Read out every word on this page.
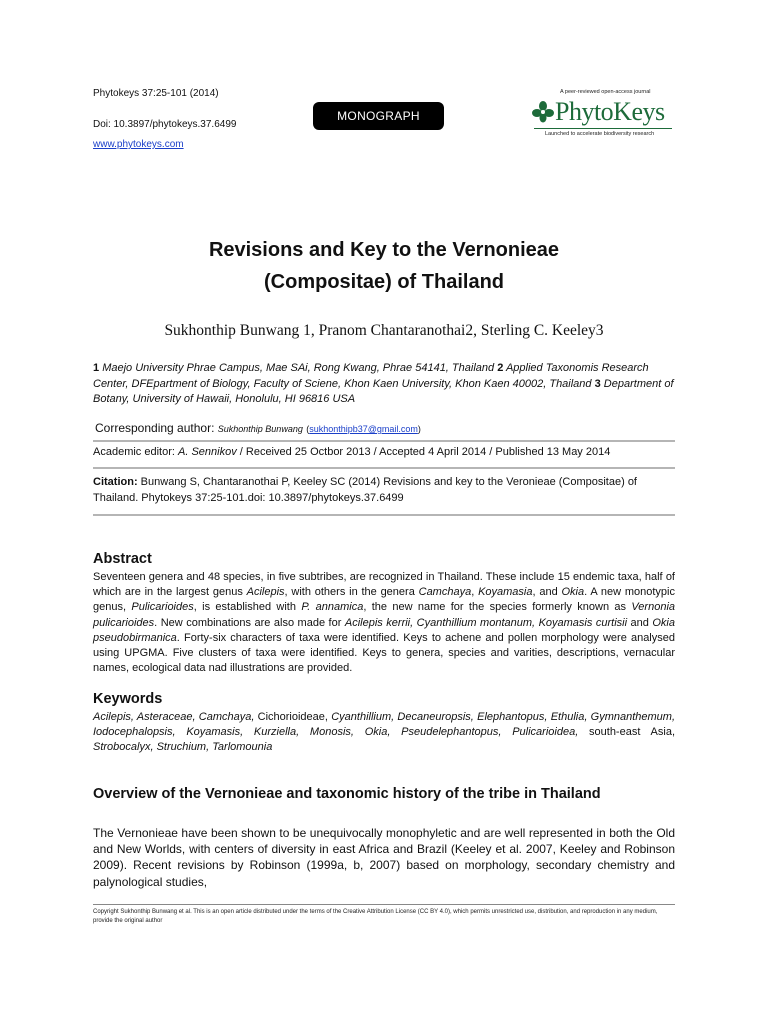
Phytokeys 37:25-101 (2014)
Doi: 10.3897/phytokeys.37.6499
www.phytokeys.com
MONOGRAPH
A peer-reviewed open-access journal
PhytoKeys
Launched to accelerate biodiversity research
Revisions and Key to the Vernonieae
(Compositae) of Thailand
Sukhonthip Bunwang 1, Pranom Chantaranothai2, Sterling C. Keeley3
1 Maejo University Phrae Campus, Mae SAi, Rong Kwang, Phrae 54141, Thailand 2 Applied Taxonomis Research Center, DFEpartment of Biology, Faculty of Sciene, Khon Kaen University, Khon Kaen 40002, Thailand 3 Department of Botany, University of Hawaii, Honolulu, HI 96816 USA
Corresponding author: Sukhonthip Bunwang (sukhonthipb37@gmail.com)
Academic editor: A. Sennikov / Received 25 Octbor 2013 / Accepted 4 April 2014 / Published 13 May 2014
Citation: Bunwang S, Chantaranothai P, Keeley SC (2014) Revisions and key to the Veronieae (Compositae) of Thailand. Phytokeys 37:25-101.doi: 10.3897/phytokeys.37.6499
Abstract
Seventeen genera and 48 species, in five subtribes, are recognized in Thailand. These include 15 endemic taxa, half of which are in the largest genus Acilepis, with others in the genera Camchaya, Koyamasia, and Okia. A new monotypic genus, Pulicarioides, is established with P. annamica, the new name for the species formerly known as Vernonia pulicarioides. New combinations are also made for Acilepis kerrii, Cyanthillium montanum, Koyamasis curtisii and Okia pseudobirmanica. Forty-six characters of taxa were identified. Keys to achene and pollen morphology were analysed using UPGMA. Five clusters of taxa were identified. Keys to genera, species and varities, descriptions, vernacular names, ecological data nad illustrations are provided.
Keywords
Acilepis, Asteraceae, Camchaya, Cichorioideae, Cyanthillium, Decaneuropsis, Elephantopus, Ethulia, Gymnanthemum, Iodocephalopsis, Koyamasis, Kurziella, Monosis, Okia, Pseudelephantopus, Pulicarioidea, south-east Asia, Strobocalyx, Struchium, Tarlomounia
Overview of the Vernonieae and taxonomic history of the tribe in Thailand
The Vernonieae have been shown to be unequivocally monophyletic and are well represented in both the Old and New Worlds, with centers of diversity in east Africa and Brazil (Keeley et al. 2007, Keeley and Robinson 2009). Recent revisions by Robinson (1999a, b, 2007) based on morphology, secondary chemistry and palynological studies,
Copyright Sukhonthip Bunwang et al. This is an open article distributed under the terms of the Creative Attribution License (CC BY 4.0), which permits unrestricted use, distribution, and reproduction in any medium, provide the original author
